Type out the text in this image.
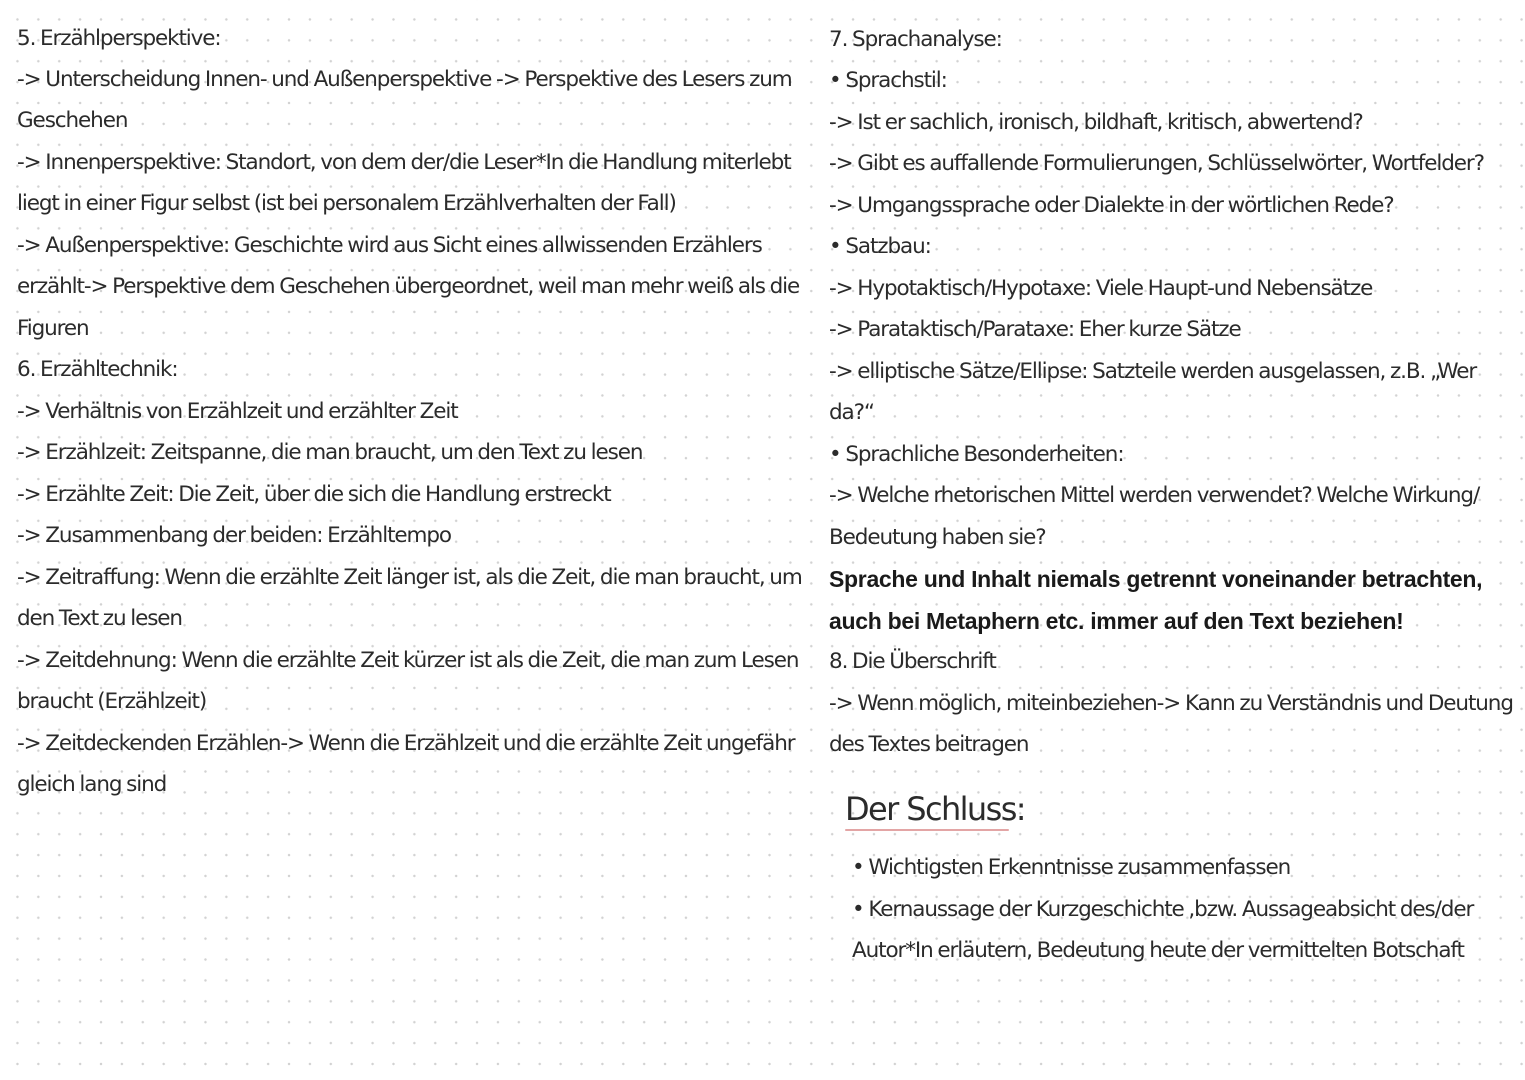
5. Erzählperspektive:
-> Unterscheidung Innen- und Außenperspektive -> Perspektive des Lesers zum
Geschehen
-> Innenperspektive: Standort, von dem der/die Leser*In die Handlung miterlebt
liegt in einer Figur selbst (ist bei personalem Erzählverhalten der Fall)
-> Außenperspektive: Geschichte wird aus Sicht eines allwissenden Erzählers
erzählt-> Perspektive dem Geschehen übergeordnet, weil man mehr weiß als die
Figuren
6. Erzähltechnik:
-> Verhältnis von Erzählzeit und erzählter Zeit
-> Erzählzeit: Zeitspanne, die man braucht, um den Text zu lesen
-> Erzählte Zeit: Die Zeit, über die sich die Handlung erstreckt
-> Zusammenbang der beiden: Erzähltempo
-> Zeitraffung: Wenn die erzählte Zeit länger ist, als die Zeit, die man braucht, um
den Text zu lesen
-> Zeitdehnung: Wenn die erzählte Zeit kürzer ist als die Zeit, die man zum Lesen
braucht (Erzählzeit)
-> Zeitdeckenden Erzählen-> Wenn die Erzählzeit und die erzählte Zeit ungefähr
gleich lang sind
7. Sprachanalyse:
• Sprachstil:
-> Ist er sachlich, ironisch, bildhaft, kritisch, abwertend?
-> Gibt es auffallende Formulierungen, Schlüsselwörter, Wortfelder?
-> Umgangssprache oder Dialekte in der wörtlichen Rede?
• Satzbau:
-> Hypotaktisch/Hypotaxe: Viele Haupt-und Nebensätze
-> Parataktisch/Parataxe: Eher kurze Sätze
-> elliptische Sätze/Ellipse: Satzteile werden ausgelassen, z.B. „Wer
da?“
• Sprachliche Besonderheiten:
-> Welche rhetorischen Mittel werden verwendet? Welche Wirkung/
Bedeutung haben sie?
Sprache und Inhalt niemals getrennt voneinander betrachten,
auch bei Metaphern etc. immer auf den Text beziehen!
8. Die Überschrift
-> Wenn möglich, miteinbeziehen-> Kann zu Verständnis und Deutung
des Textes beitragen
Der Schluss:
• Wichtigsten Erkenntnisse zusammenfassen
• Kernaussage der Kurzgeschichte ,bzw. Aussageabsicht des/der
Autor*In erläutern, Bedeutung heute der vermittelten Botschaft
